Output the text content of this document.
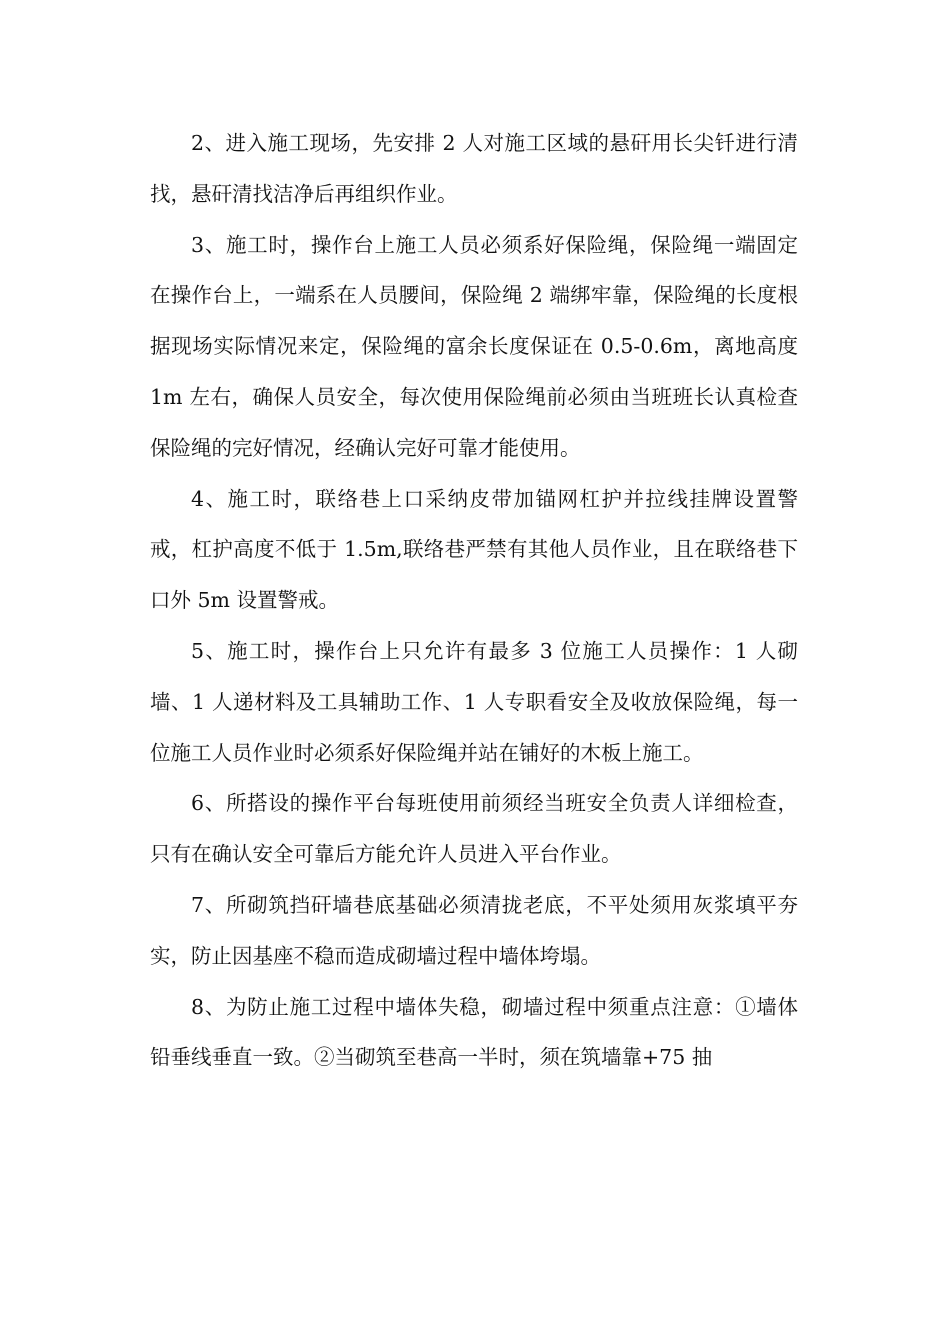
2、进入施工现场，先安排 2 人对施工区域的悬矸用长尖钎进行清找，悬矸清找洁净后再组织作业。

3、施工时，操作台上施工人员必须系好保险绳，保险绳一端固定在操作台上，一端系在人员腰间，保险绳 2 端绑牢靠，保险绳的长度根据现场实际情况来定，保险绳的富余长度保证在 0.5-0.6m，离地高度 1m 左右，确保人员安全，每次使用保险绳前必须由当班班长认真检查保险绳的完好情况，经确认完好可靠才能使用。

4、施工时，联络巷上口采纳皮带加锚网杠护并拉线挂牌设置警戒，杠护高度不低于 1.5m,联络巷严禁有其他人员作业，且在联络巷下口外 5m 设置警戒。

5、施工时，操作台上只允许有最多 3 位施工人员操作：1 人砌墙、1 人递材料及工具辅助工作、1 人专职看安全及收放保险绳，每一位施工人员作业时必须系好保险绳并站在铺好的木板上施工。

6、所搭设的操作平台每班使用前须经当班安全负责人详细检查，只有在确认安全可靠后方能允许人员进入平台作业。

7、所砌筑挡矸墙巷底基础必须清拢老底，不平处须用灰浆填平夯实，防止因基座不稳而造成砌墙过程中墙体垮塌。

8、为防止施工过程中墙体失稳，砌墙过程中须重点注意：①墙体铅垂线垂直一致。②当砌筑至巷高一半时，须在筑墙靠+75 抽
